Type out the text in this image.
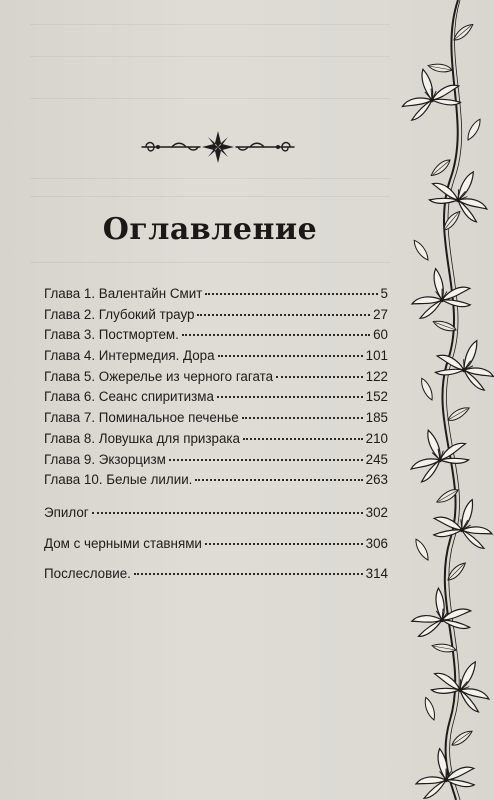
Оглавление
Глава 1. Валентайн Смит	5
Глава 2. Глубокий траур	27
Глава 3. Постмортем.	60
Глава 4. Интермедия. Дора	101
Глава 5. Ожерелье из черного гагата	122
Глава 6. Сеанс спиритизма	152
Глава 7. Поминальное печенье	185
Глава 8. Ловушка для призрака	210
Глава 9. Экзорцизм	245
Глава 10. Белые лилии.	263
Эпилог	302
Дом с черными ставнями	306
Послесловие.	314
